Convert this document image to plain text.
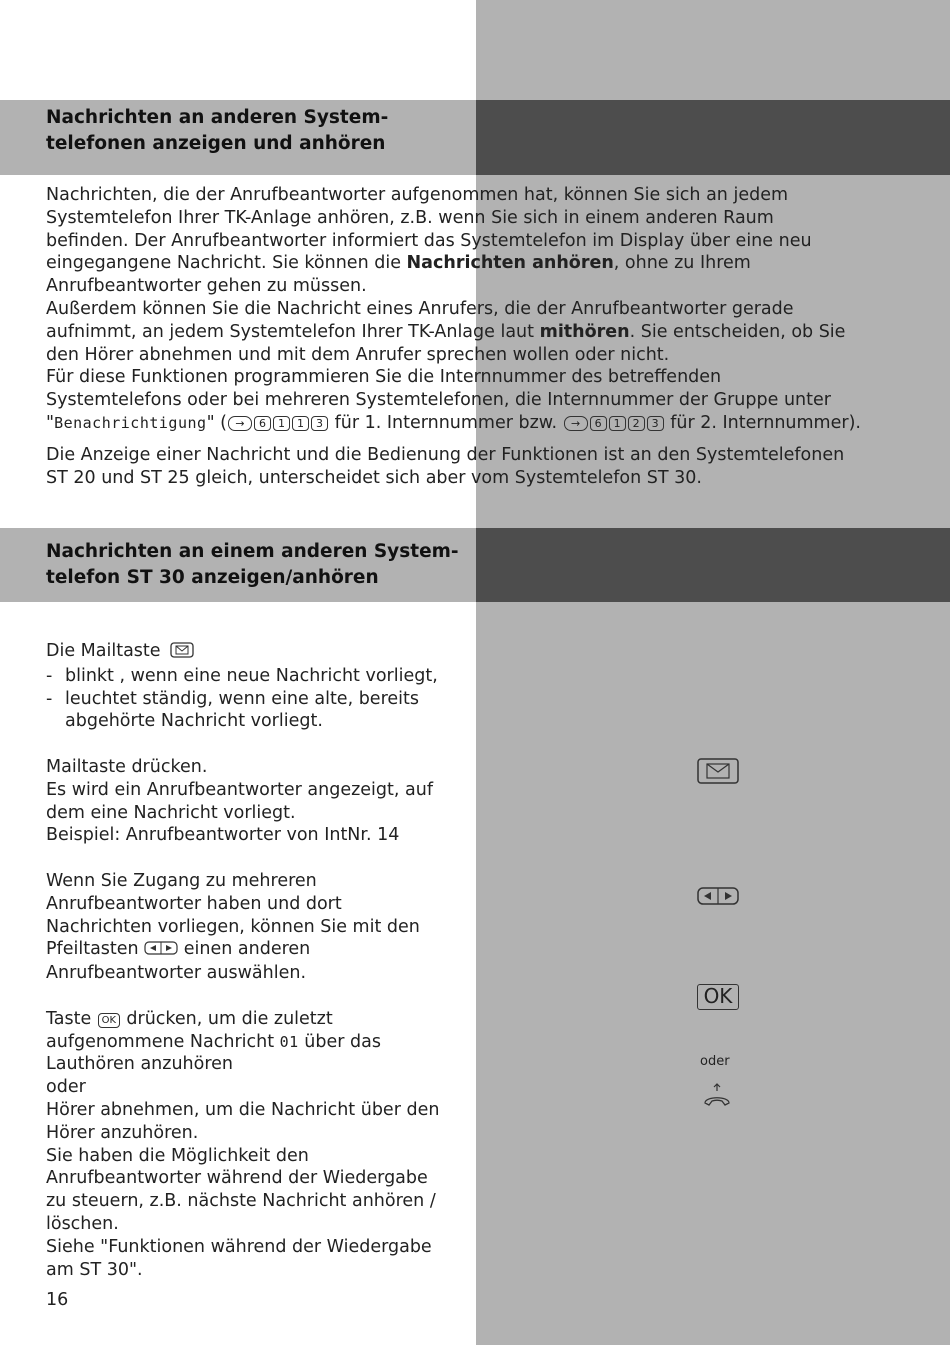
Nachrichten an anderen System-
telefonen anzeigen und anhören

Nachrichten, die der Anrufbeantworter aufgenommen hat, können Sie sich an jedem Systemtelefon Ihrer TK-Anlage anhören, z.B. wenn Sie sich in einem anderen Raum befinden. Der Anrufbeantworter informiert das Systemtelefon im Display über eine neu eingegangene Nachricht. Sie können die Nachrichten anhören, ohne zu Ihrem Anrufbeantworter gehen zu müssen.

Außerdem können Sie die Nachricht eines Anrufers, die der Anrufbeantworter gerade aufnimmt, an jedem Systemtelefon Ihrer TK-Anlage laut mithören. Sie entscheiden, ob Sie den Hörer abnehmen und mit dem Anrufer sprechen wollen oder nicht.

Für diese Funktionen programmieren Sie die Internnummer des betreffenden Systemtelefons oder bei mehreren Systemtelefonen, die Internnummer der Gruppe unter "Benachrichtigung" ( → 6 1 1 3 für 1. Internnummer bzw. → 6 1 2 3 für 2. Internnummer).

Die Anzeige einer Nachricht und die Bedienung der Funktionen ist an den Systemtelefonen ST 20 und ST 25 gleich, unterscheidet sich aber vom Systemtelefon ST 30.

Nachrichten an einem anderen System-
telefon ST 30 anzeigen/anhören

Die Mailtaste

- blinkt , wenn eine neue Nachricht vorliegt,
- leuchtet ständig, wenn eine alte, bereits abgehörte Nachricht vorliegt.

Mailtaste drücken.

Es wird ein Anrufbeantworter angezeigt, auf dem eine Nachricht vorliegt.

Beispiel: Anrufbeantworter von IntNr. 14

Wenn Sie Zugang zu mehreren Anrufbeantworter haben und dort Nachrichten vorliegen, können Sie mit den Pfeiltasten  einen anderen Anrufbeantworter auswählen.

Taste OK drücken, um die zuletzt aufgenommene Nachricht 01 über das Lauthören anzuhören

oder

Hörer abnehmen, um die Nachricht über den Hörer anzuhören.

Sie haben die Möglichkeit den Anrufbeantworter während der Wiedergabe zu steuern, z.B. nächste Nachricht anhören / löschen.

Siehe "Funktionen während der Wiedergabe am ST 30".

OK
oder
16
